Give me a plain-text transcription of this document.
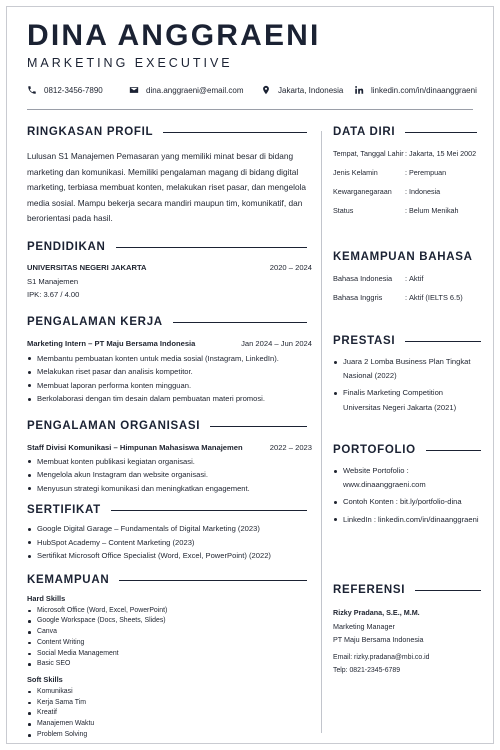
DINA ANGGRAENI
MARKETING EXECUTIVE
0812-3456-7890	dina.anggraeni@email.com	Jakarta, Indonesia	linkedin.com/in/dinaanggraeni
RINGKASAN PROFIL
Lulusan S1 Manajemen Pemasaran yang memiliki minat besar di bidang marketing dan komunikasi. Memiliki pengalaman magang di bidang digital marketing, terbiasa membuat konten, melakukan riset pasar, dan mengelola media sosial. Mampu bekerja secara mandiri maupun tim, komunikatif, dan berorientasi pada hasil.
PENDIDIKAN
UNIVERSITAS NEGERI JAKARTA	2020 – 2024
S1 Manajemen
IPK: 3.67 / 4.00
PENGALAMAN KERJA
Marketing Intern – PT Maju Bersama Indonesia	Jan 2024 – Jun 2024
Membantu pembuatan konten untuk media sosial (Instagram, LinkedIn).
Melakukan riset pasar dan analisis kompetitor.
Membuat laporan performa konten mingguan.
Berkolaborasi dengan tim desain dalam pembuatan materi promosi.
PENGALAMAN ORGANISASI
Staff Divisi Komunikasi – Himpunan Mahasiswa Manajemen	2022 – 2023
Membuat konten publikasi kegiatan organisasi.
Mengelola akun Instagram dan website organisasi.
Menyusun strategi komunikasi dan meningkatkan engagement.
SERTIFIKAT
Google Digital Garage – Fundamentals of Digital Marketing (2023)
HubSpot Academy – Content Marketing (2023)
Sertifikat Microsoft Office Specialist (Word, Excel, PowerPoint) (2022)
KEMAMPUAN
Hard Skills
Microsoft Office (Word, Excel, PowerPoint)
Google Workspace (Docs, Sheets, Slides)
Canva
Content Writing
Social Media Management
Basic SEO
Soft Skills
Komunikasi
Kerja Sama Tim
Kreatif
Manajemen Waktu
Problem Solving
DATA DIRI
Tempat, Tanggal Lahir : Jakarta, 15 Mei 2002
Jenis Kelamin	: Perempuan
Kewarganegaraan	: Indonesia
Status	: Belum Menikah
KEMAMPUAN BAHASA
Bahasa Indonesia	: Aktif
Bahasa Inggris	: Aktif (IELTS 6.5)
PRESTASI
Juara 2 Lomba Business Plan Tingkat Nasional (2022)
Finalis Marketing Competition Universitas Negeri Jakarta (2021)
PORTOFOLIO
Website Portofolio : www.dinaanggraeni.com
Contoh Konten : bit.ly/portfolio-dina
LinkedIn : linkedin.com/in/dinaanggraeni
REFERENSI
Rizky Pradana, S.E., M.M.
Marketing Manager
PT Maju Bersama Indonesia
Email: rizky.pradana@mbi.co.id
Telp: 0821-2345-6789
